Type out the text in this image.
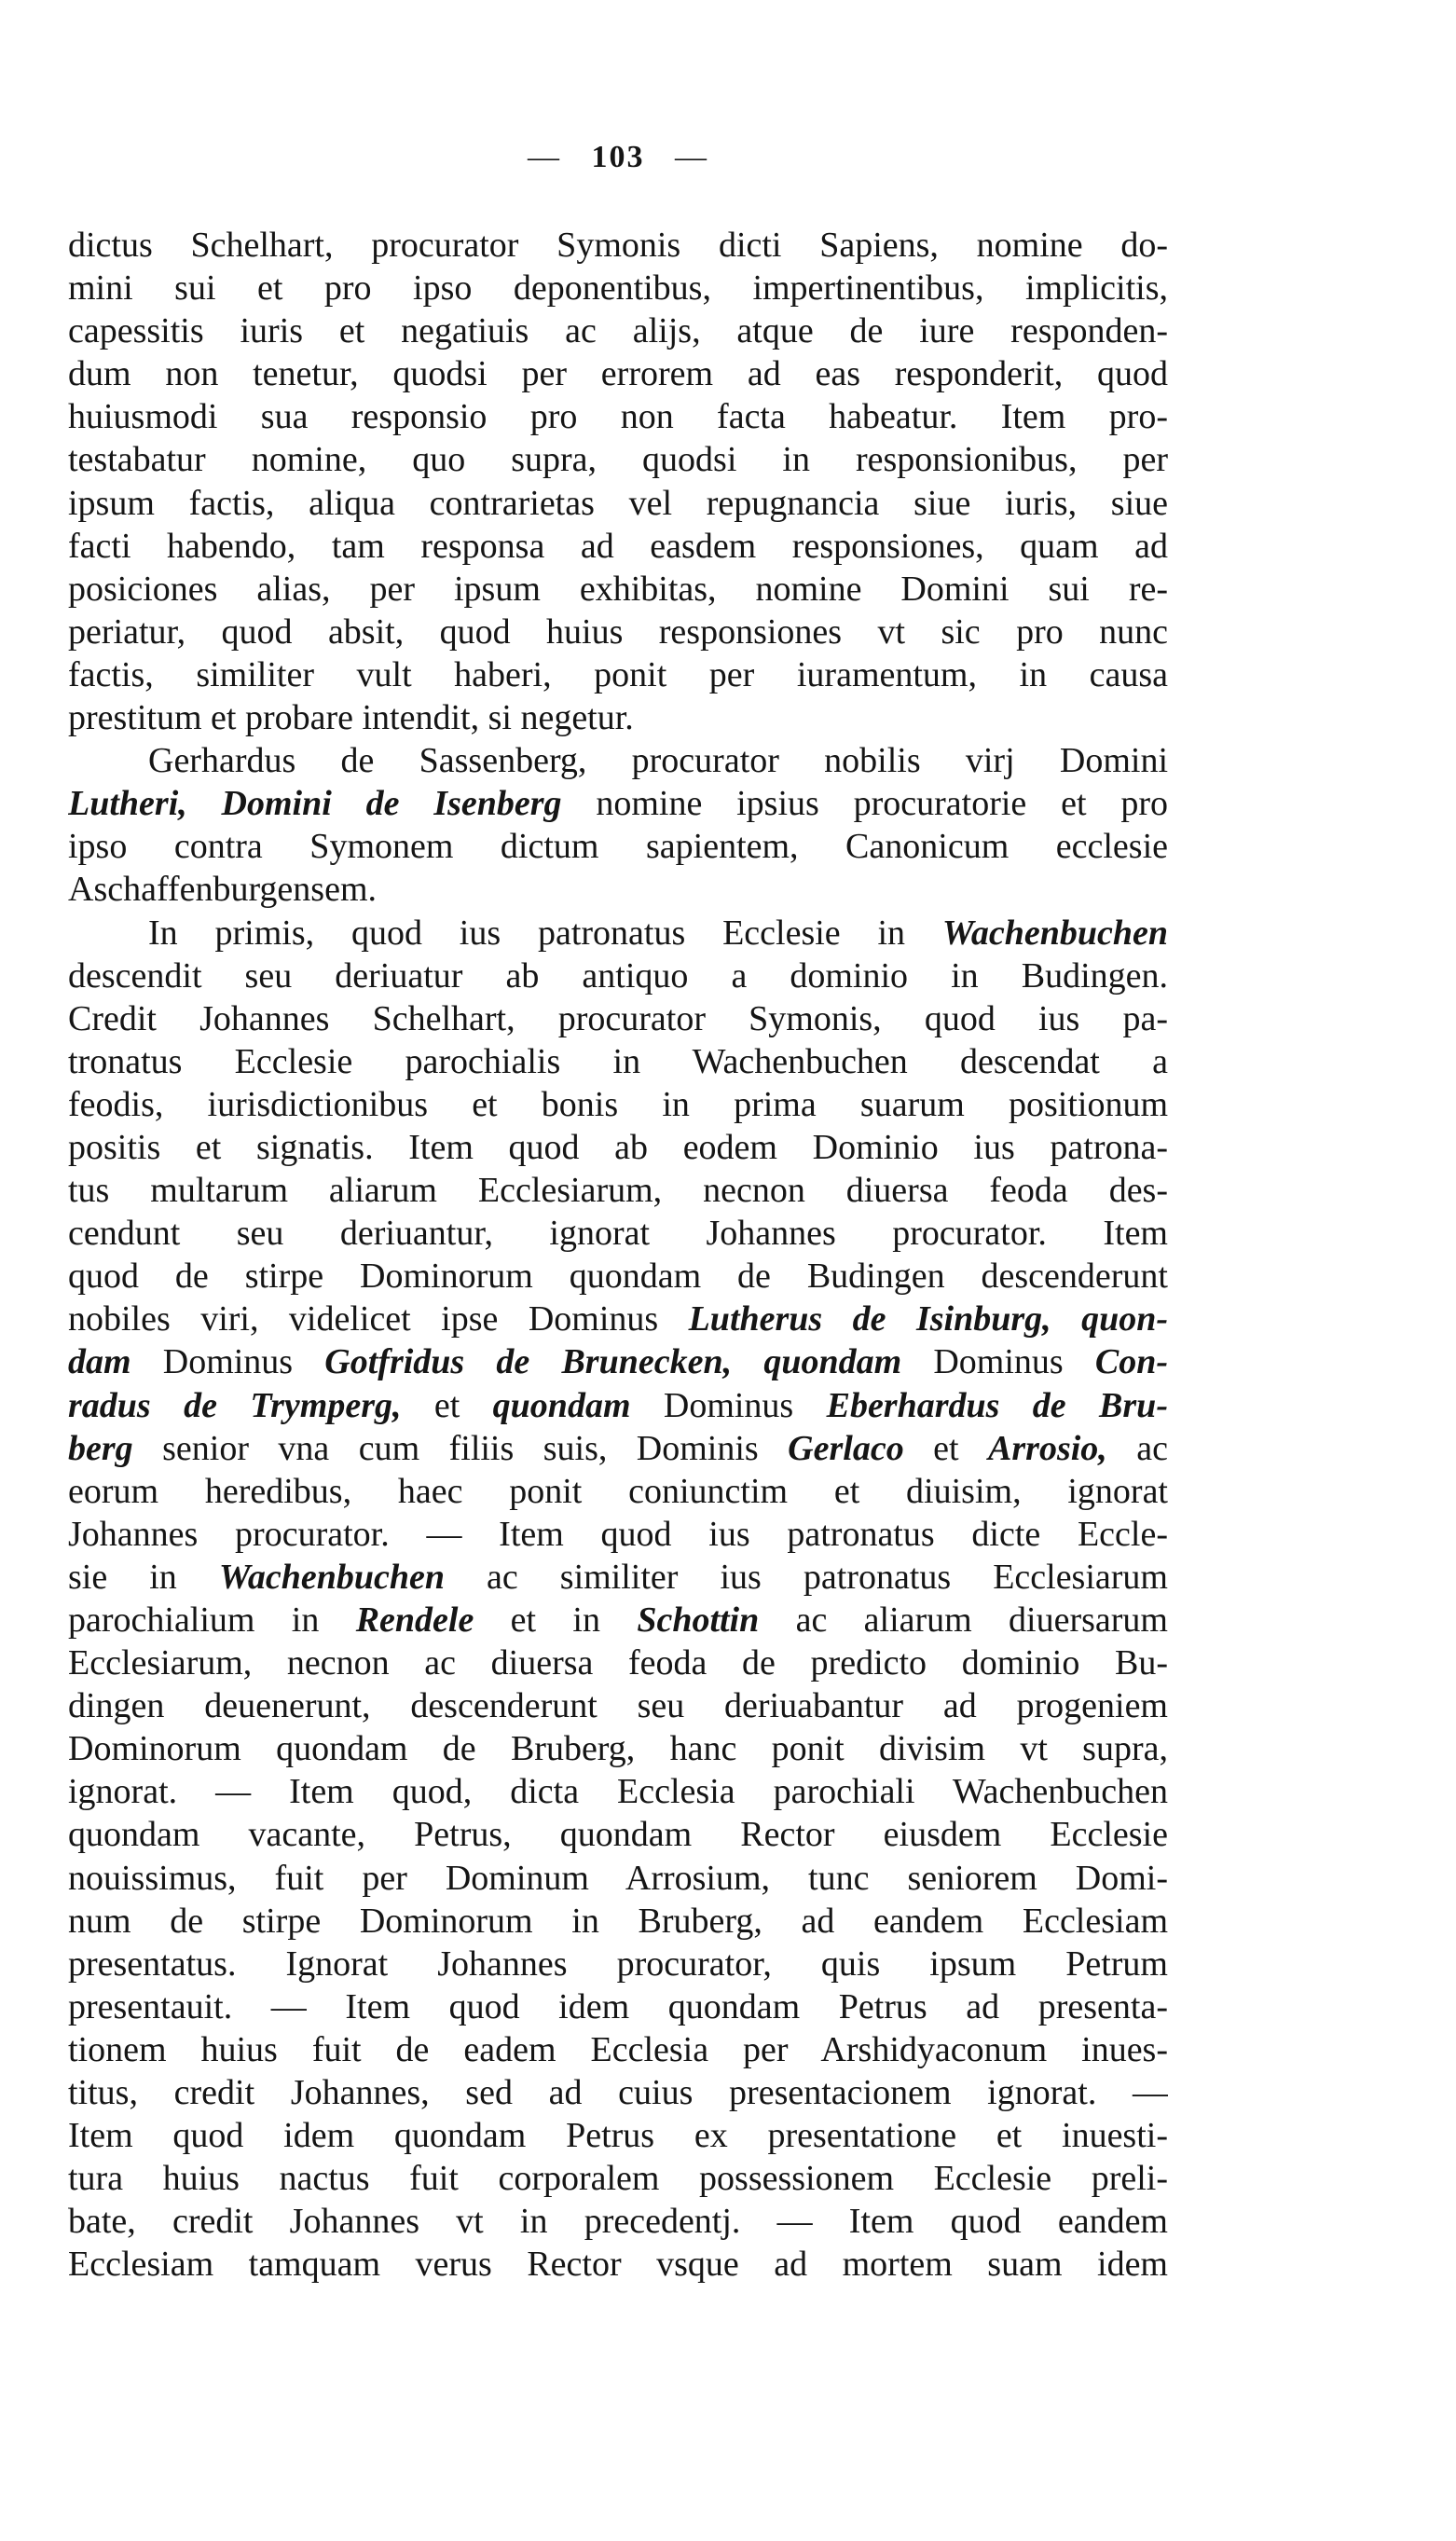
— 103 —
dictus Schelhart, procurator Symonis dicti Sapiens, nomine do-
mini sui et pro ipso deponentibus, impertinentibus, implicitis,
capessitis iuris et negatiuis ac alijs, atque de iure responden-
dum non tenetur, quodsi per errorem ad eas responderit, quod
huiusmodi sua responsio pro non facta habeatur. Item pro-
testabatur nomine, quo supra, quodsi in responsionibus, per
ipsum factis, aliqua contrarietas vel repugnancia siue iuris, siue
facti habendo, tam responsa ad easdem responsiones, quam ad
posiciones alias, per ipsum exhibitas, nomine Domini sui re-
periatur, quod absit, quod huius responsiones vt sic pro nunc
factis, similiter vult haberi, ponit per iuramentum, in causa
prestitum et probare intendit, si negetur.
Gerhardus de Sassenberg, procurator nobilis virj Domini
Lutheri, Domini de Isenberg nomine ipsius procuratorie et pro
ipso contra Symonem dictum sapientem, Canonicum ecclesie
Aschaffenburgensem.
In primis, quod ius patronatus Ecclesie in Wachenbuchen
descendit seu deriuatur ab antiquo a dominio in Budingen.
Credit Johannes Schelhart, procurator Symonis, quod ius pa-
tronatus Ecclesie parochialis in Wachenbuchen descendat a
feodis, iurisdictionibus et bonis in prima suarum positionum
positis et signatis. Item quod ab eodem Dominio ius patrona-
tus multarum aliarum Ecclesiarum, necnon diuersa feoda des-
cendunt seu deriuantur, ignorat Johannes procurator. Item
quod de stirpe Dominorum quondam de Budingen descenderunt
nobiles viri, videlicet ipse Dominus Lutherus de Isinburg, quon-
dam Dominus Gotfridus de Brunecken, quondam Dominus Con-
radus de Trymperg, et quondam Dominus Eberhardus de Bru-
berg senior vna cum filiis suis, Dominis Gerlaco et Arrosio, ac
eorum heredibus, haec ponit coniunctim et diuisim, ignorat
Johannes procurator. — Item quod ius patronatus dicte Eccle-
sie in Wachenbuchen ac similiter ius patronatus Ecclesiarum
parochialium in Rendele et in Schottin ac aliarum diuersarum
Ecclesiarum, necnon ac diuersa feoda de predicto dominio Bu-
dingen deuenerunt, descenderunt seu deriuabantur ad progeniem
Dominorum quondam de Bruberg, hanc ponit divisim vt supra,
ignorat. — Item quod, dicta Ecclesia parochiali Wachenbuchen
quondam vacante, Petrus, quondam Rector eiusdem Ecclesie
nouissimus, fuit per Dominum Arrosium, tunc seniorem Domi-
num de stirpe Dominorum in Bruberg, ad eandem Ecclesiam
presentatus. Ignorat Johannes procurator, quis ipsum Petrum
presentauit. — Item quod idem quondam Petrus ad presenta-
tionem huius fuit de eadem Ecclesia per Arshidyaconum inues-
titus, credit Johannes, sed ad cuius presentacionem ignorat. —
Item quod idem quondam Petrus ex presentatione et inuesti-
tura huius nactus fuit corporalem possessionem Ecclesie preli-
bate, credit Johannes vt in precedentj. — Item quod eandem
Ecclesiam tamquam verus Rector vsque ad mortem suam idem
